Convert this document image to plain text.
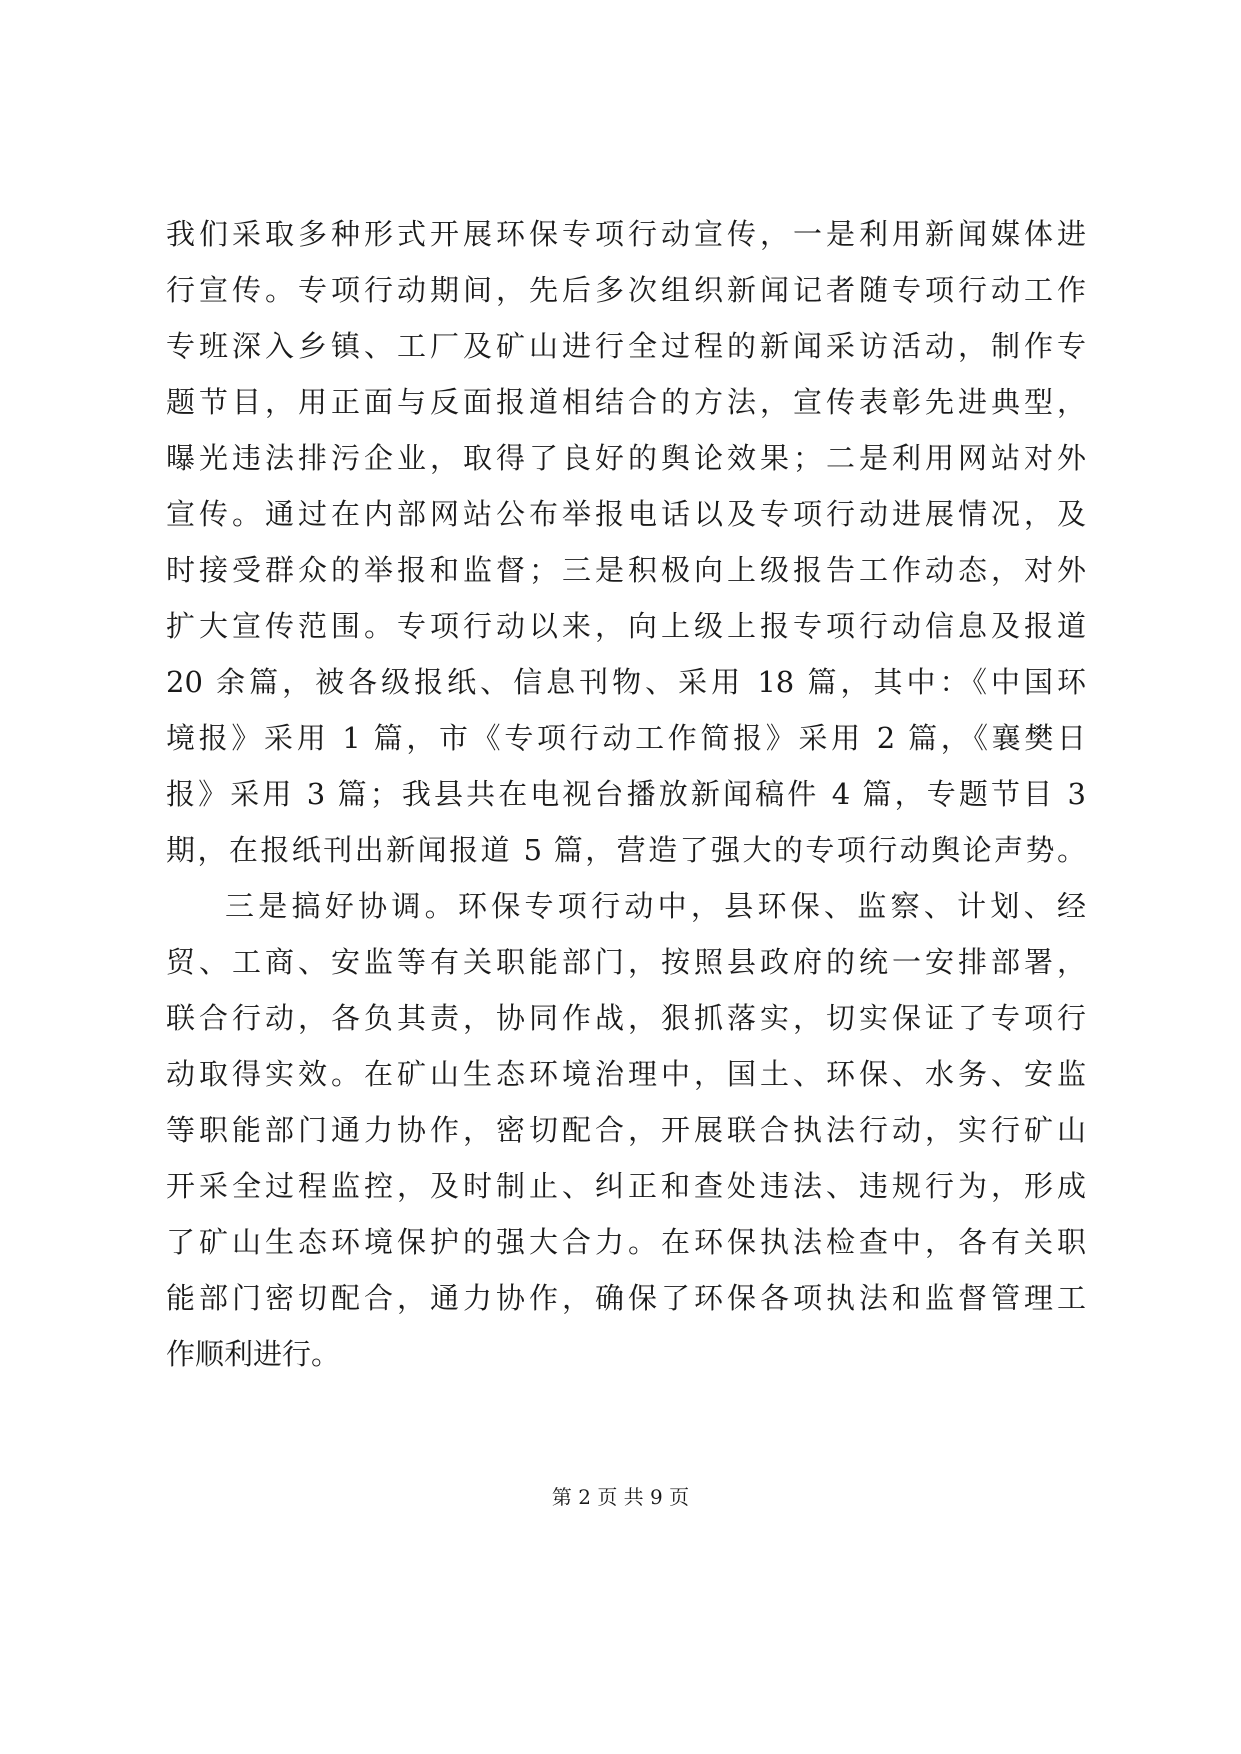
我们采取多种形式开展环保专项行动宣传，一是利用新闻媒体进
行宣传。专项行动期间，先后多次组织新闻记者随专项行动工作
专班深入乡镇、工厂及矿山进行全过程的新闻采访活动，制作专
题节目，用正面与反面报道相结合的方法，宣传表彰先进典型，
曝光违法排污企业，取得了良好的舆论效果；二是利用网站对外
宣传。通过在内部网站公布举报电话以及专项行动进展情况，及
时接受群众的举报和监督；三是积极向上级报告工作动态，对外
扩大宣传范围。专项行动以来，向上级上报专项行动信息及报道
20 余篇，被各级报纸、信息刊物、采用 18 篇，其中：《中国环
境报》采用 1 篇，市《专项行动工作简报》采用 2 篇，《襄樊日
报》采用 3 篇；我县共在电视台播放新闻稿件 4 篇，专题节目 3
期，在报纸刊出新闻报道 5 篇，营造了强大的专项行动舆论声势。
三是搞好协调。环保专项行动中，县环保、监察、计划、经
贸、工商、安监等有关职能部门，按照县政府的统一安排部署，
联合行动，各负其责，协同作战，狠抓落实，切实保证了专项行
动取得实效。在矿山生态环境治理中，国土、环保、水务、安监
等职能部门通力协作，密切配合，开展联合执法行动，实行矿山
开采全过程监控，及时制止、纠正和查处违法、违规行为，形成
了矿山生态环境保护的强大合力。在环保执法检查中，各有关职
能部门密切配合，通力协作，确保了环保各项执法和监督管理工
作顺利进行。
第 2 页 共 9 页
